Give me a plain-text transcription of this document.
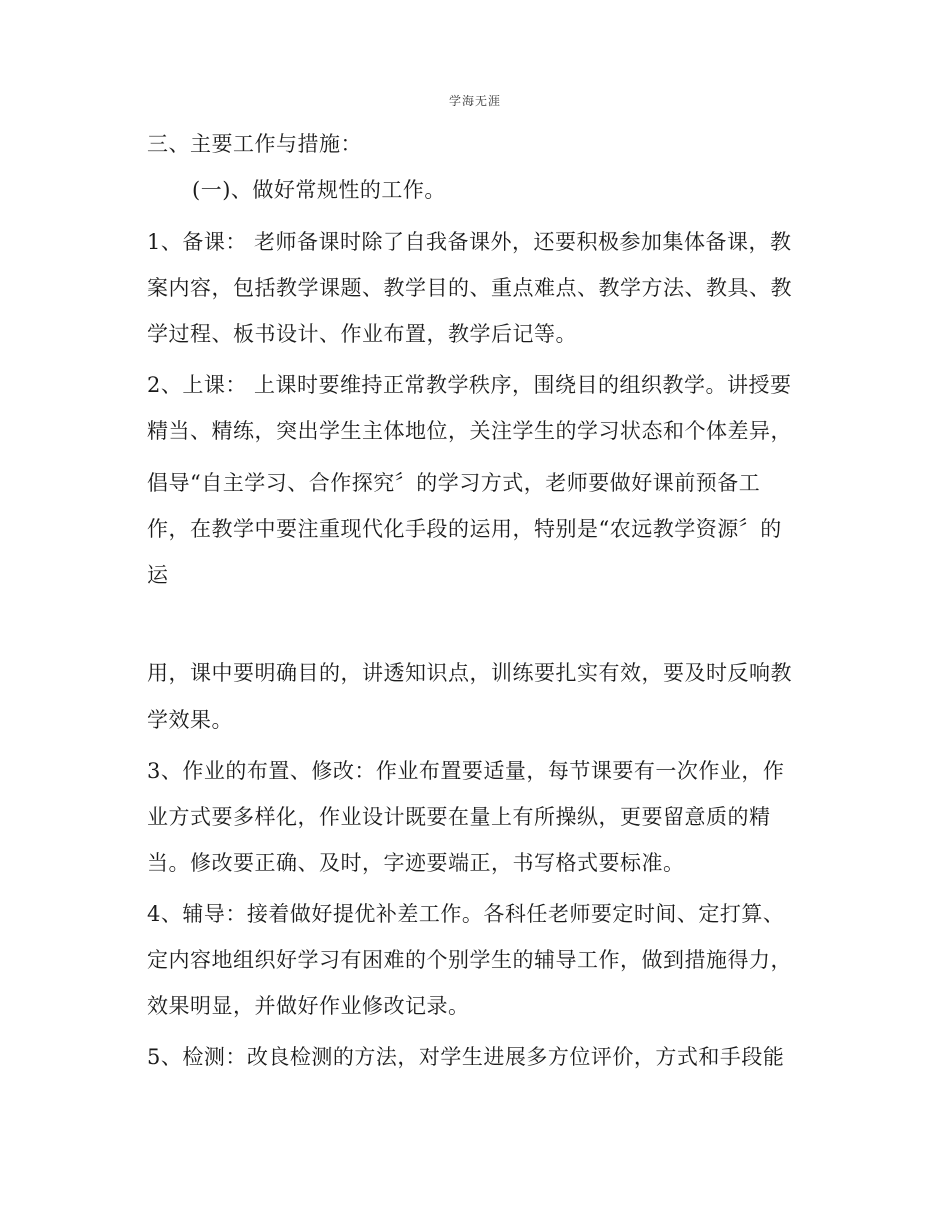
学海无涯
三、主要工作与措施：
(一)、做好常规性的工作。
1、备课： 老师备课时除了自我备课外，还要积极参加集体备课，教
案内容，包括教学课题、教学目的、重点难点、教学方法、教具、教
学过程、板书设计、作业布置，教学后记等。
2、上课： 上课时要维持正常教学秩序，围绕目的组织教学。讲授要
精当、精练，突出学生主体地位，关注学生的学习状态和个体差异，
倡导“自主学习、合作探究〞的学习方式，老师要做好课前预备工
作，在教学中要注重现代化手段的运用，特别是“农远教学资源〞的
运
用，课中要明确目的，讲透知识点，训练要扎实有效，要及时反响教
学效果。
3、作业的布置、修改：作业布置要适量，每节课要有一次作业，作
业方式要多样化，作业设计既要在量上有所操纵，更要留意质的精
当。修改要正确、及时，字迹要端正，书写格式要标准。
4、辅导：接着做好提优补差工作。各科任老师要定时间、定打算、
定内容地组织好学习有困难的个别学生的辅导工作，做到措施得力，
效果明显，并做好作业修改记录。
5、检测：改良检测的方法，对学生进展多方位评价，方式和手段能
